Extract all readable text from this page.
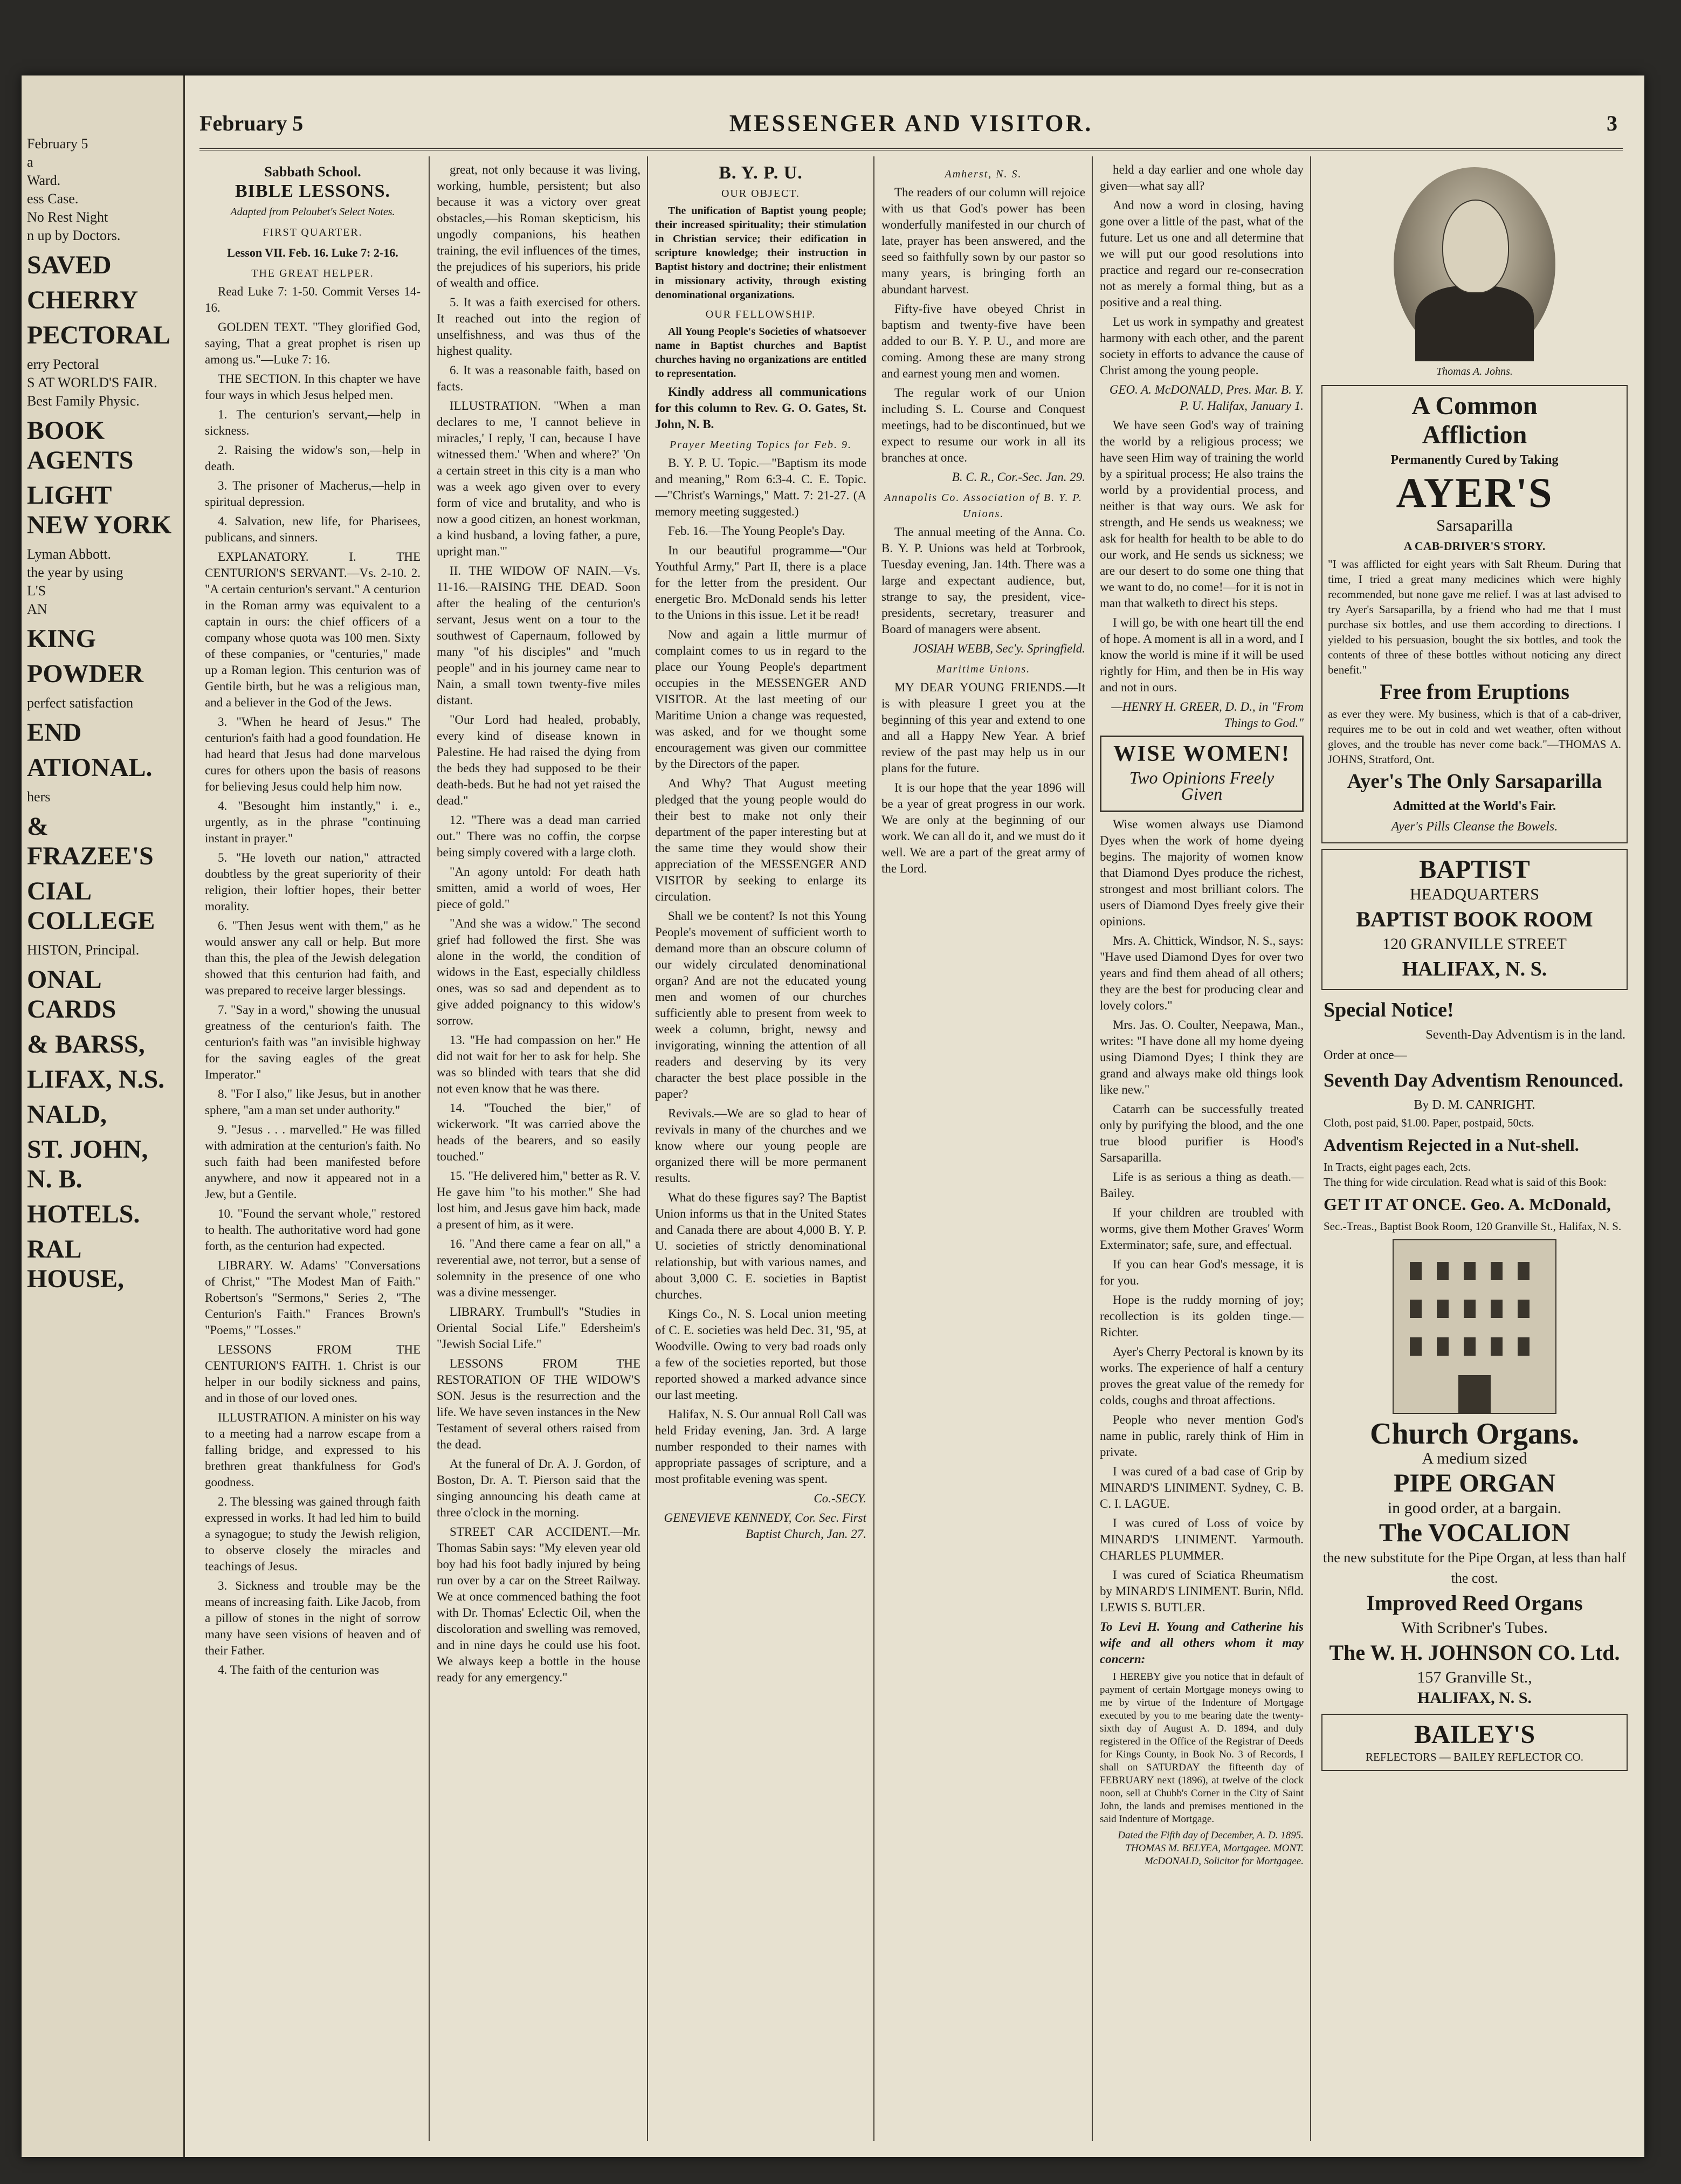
February 5
a
Ward.
ess Case.
No Rest Night
n up by Doctors.
SAVED
CHERRY
PECTORAL
erry Pectoral
S AT WORLD'S FAIR.
Best Family Physic.
BOOK AGENTS
LIGHT NEW YORK
Lyman Abbott.
the year by using
L'S
AN
KING
POWDER
perfect satisfaction
END
ATIONAL.
hers
& FRAZEE'S
CIAL COLLEGE
HISTON, Principal.
ONAL CARDS
& BARSS,
LIFAX, N.S.
NALD,
ST. JOHN, N. B.
HOTELS.
RAL HOUSE,
February 5	MESSENGER AND VISITOR.	3
Sabbath School.
BIBLE LESSONS.
Adapted from Peloubet's Select Notes.
FIRST QUARTER.
Lesson VII. Feb. 16. Luke 7: 2-16.
THE GREAT HELPER.

Read Luke 7: 1-50. Commit Verses 14-16.

GOLDEN TEXT. "They glorified God, saying, That a great prophet is risen up among us."—Luke 7: 16.

THE SECTION. In this chapter we have four ways in which Jesus helped men.

1. The centurion's servant,—help in sickness.

2. Raising the widow's son,—help in death.

3. The prisoner of Macherus,—help in spiritual depression.

4. Salvation, new life, for Pharisees, publicans, and sinners.

EXPLANATORY. I. THE CENTURION'S SERVANT.—Vs. 2-10. 2. "A certain centurion's servant." A centurion in the Roman army was equivalent to a captain in ours: the chief officers of a company whose quota was 100 men. Sixty of these companies, or "centuries," made up a Roman legion. This centurion was of Gentile birth, but he was a religious man, and a believer in the God of the Jews.

3. "When he heard of Jesus." The centurion's faith had a good foundation. He had heard that Jesus had done marvelous cures for others upon the basis of reasons for believing Jesus could help him now.

4. "Besought him instantly," i. e., urgently, as in the phrase "continuing instant in prayer."

5. "He loveth our nation," attracted doubtless by the great superiority of their religion, their loftier hopes, their better morality.

6. "Then Jesus went with them," as he would answer any call or help. But more than this, the plea of the Jewish delegation showed that this centurion had faith, and was prepared to receive larger blessings.

7. "Say in a word," showing the unusual greatness of the centurion's faith. The centurion's faith was "an invisible highway for the saving eagles of the great Imperator."

8. "For I also," like Jesus, but in another sphere, "am a man set under authority."

9. "Jesus . . . marvelled." He was filled with admiration at the centurion's faith. No such faith had been manifested before anywhere, and now it appeared not in a Jew, but a Gentile.

10. "Found the servant whole," restored to health. The authoritative word had gone forth, as the centurion had expected.

LIBRARY. W. Adams' "Conversations of Christ," "The Modest Man of Faith." Robertson's "Sermons," Series 2, "The Centurion's Faith." Frances Brown's "Poems," "Losses."

LESSONS FROM THE CENTURION'S FAITH. 1. Christ is our helper in our bodily sickness and pains, and in those of our loved ones.

ILLUSTRATION. A minister on his way to a meeting had a narrow escape from a falling bridge, and expressed to his brethren great thankfulness for God's goodness.

2. The blessing was gained through faith expressed in works. It had led him to build a synagogue; to study the Jewish religion, to observe closely the miracles and teachings of Jesus.

3. Sickness and trouble may be the means of increasing faith. Like Jacob, from a pillow of stones in the night of sorrow many have seen visions of heaven and of their Father.

4. The faith of the centurion was

great, not only because it was living, working, humble, persistent; but also because it was a victory over great obstacles,—his Roman skepticism, his ungodly companions, his heathen training, the evil influences of the times, the prejudices of his superiors, his pride of wealth and office.

5. It was a faith exercised for others. It reached out into the region of unselfishness, and was thus of the highest quality.

6. It was a reasonable faith, based on facts.

ILLUSTRATION. "When a man declares to me, 'I cannot believe in miracles,' I reply, 'I can, because I have witnessed them.' 'When and where?' 'On a certain street in this city is a man who was a week ago given over to every form of vice and brutality, and who is now a good citizen, an honest workman, a kind husband, a loving father, a pure, upright man.'"

II. THE WIDOW OF NAIN.—Vs. 11-16.—RAISING THE DEAD. Soon after the healing of the centurion's servant, Jesus went on a tour to the southwest of Capernaum, followed by many "of his disciples" and "much people" and in his journey came near to Nain, a small town twenty-five miles distant.

"Our Lord had healed, probably, every kind of disease known in Palestine. He had raised the dying from the beds they had supposed to be their death-beds. But he had not yet raised the dead."

12. "There was a dead man carried out." There was no coffin, the corpse being simply covered with a large cloth.

"An agony untold: For death hath smitten, amid a world of woes, Her piece of gold."

"And she was a widow." The second grief had followed the first. She was alone in the world, the condition of widows in the East, especially childless ones, was so sad and dependent as to give added poignancy to this widow's sorrow.

13. "He had compassion on her." He did not wait for her to ask for help. She was so blinded with tears that she did not even know that he was there.

14. "Touched the bier," of wickerwork. "It was carried above the heads of the bearers, and so easily touched."

15. "He delivered him," better as R. V. He gave him "to his mother." She had lost him, and Jesus gave him back, made a present of him, as it were.

16. "And there came a fear on all," a reverential awe, not terror, but a sense of solemnity in the presence of one who was a divine messenger.

LIBRARY. Trumbull's "Studies in Oriental Social Life." Edersheim's "Jewish Social Life."

LESSONS FROM THE RESTORATION OF THE WIDOW'S SON. Jesus is the resurrection and the life. We have seven instances in the New Testament of several others raised from the dead.

At the funeral of Dr. A. J. Gordon, of Boston, Dr. A. T. Pierson said that the singing announcing his death came at three o'clock in the morning.

STREET CAR ACCIDENT.—Mr. Thomas Sabin says: "My eleven year old boy had his foot badly injured by being run over by a car on the Street Railway. We at once commenced bathing the foot with Dr. Thomas' Eclectic Oil, when the discoloration and swelling was removed, and in nine days he could use his foot. We always keep a bottle in the house ready for any emergency."

B. Y. P. U.
OUR OBJECT.

The unification of Baptist young people; their increased spirituality; their stimulation in Christian service; their edification in scripture knowledge; their instruction in Baptist history and doctrine; their enlistment in missionary activity, through existing denominational organizations.

OUR FELLOWSHIP.

All Young People's Societies of whatsoever name in Baptist churches and Baptist churches having no organizations are entitled to representation.

Kindly address all communications for this column to Rev. G. O. Gates, St. John, N. B.

Prayer Meeting Topics for Feb. 9.

B. Y. P. U. Topic.—"Baptism its mode and meaning," Rom 6:3-4. C. E. Topic.—"Christ's Warnings," Matt. 7: 21-27. (A memory meeting suggested.)

Feb. 16.—The Young People's Day.

In our beautiful programme—"Our Youthful Army," Part II, there is a place for the letter from the president. Our energetic Bro. McDonald sends his letter to the Unions in this issue. Let it be read!

Now and again a little murmur of complaint comes to us in regard to the place our Young People's department occupies in the MESSENGER AND VISITOR. At the last meeting of our Maritime Union a change was requested, was asked, and for we thought some encouragement was given our committee by the Directors of the paper.

And Why? That August meeting pledged that the young people would do their best to make not only their department of the paper interesting but at the same time they would show their appreciation of the MESSENGER AND VISITOR by seeking to enlarge its circulation.

Shall we be content? Is not this Young People's movement of sufficient worth to demand more than an obscure column of our widely circulated denominational organ? And are not the educated young men and women of our churches sufficiently able to present from week to week a column, bright, newsy and invigorating, winning the attention of all readers and deserving by its very character the best place possible in the paper?

Revivals.—We are so glad to hear of revivals in many of the churches and we know where our young people are organized there will be more permanent results.

What do these figures say? The Baptist Union informs us that in the United States and Canada there are about 4,000 B. Y. P. U. societies of strictly denominational relationship, but with various names, and about 3,000 C. E. societies in Baptist churches.

Kings Co., N. S. Local union meeting of C. E. societies was held Dec. 31, '95, at Woodville. Owing to very bad roads only a few of the societies reported, but those reported showed a marked advance since our last meeting.

Halifax, N. S. Our annual Roll Call was held Friday evening, Jan. 3rd. A large number responded to their names with appropriate passages of scripture, and a most profitable evening was spent.

Co.-SECY.

GENEVIEVE KENNEDY, Cor. Sec. First Baptist Church, Jan. 27.

Amherst, N. S.

The readers of our column will rejoice with us that God's power has been wonderfully manifested in our church of late, prayer has been answered, and the seed so faithfully sown by our pastor so many years, is bringing forth an abundant harvest.

Fifty-five have obeyed Christ in baptism and twenty-five have been added to our B. Y. P. U., and more are coming. Among these are many strong and earnest young men and women.

The regular work of our Union including S. L. Course and Conquest meetings, had to be discontinued, but we expect to resume our work in all its branches at once.

B. C. R., Cor.-Sec. Jan. 29.

Annapolis Co. Association of B. Y. P. Unions.

The annual meeting of the Anna. Co. B. Y. P. Unions was held at Torbrook, Tuesday evening, Jan. 14th. There was a large and expectant audience, but, strange to say, the president, vice-presidents, secretary, treasurer and Board of managers were absent.

JOSIAH WEBB, Sec'y. Springfield.

Maritime Unions.

MY DEAR YOUNG FRIENDS.—It is with pleasure I greet you at the beginning of this year and extend to one and all a Happy New Year. A brief review of the past may help us in our plans for the future.

It is our hope that the year 1896 will be a year of great progress in our work. We are only at the beginning of our work. We can all do it, and we must do it well. We are a part of the great army of the Lord.

held a day earlier and one whole day given—what say all?

And now a word in closing, having gone over a little of the past, what of the future. Let us one and all determine that we will put our good resolutions into practice and regard our re-consecration not as merely a formal thing, but as a positive and a real thing.

Let us work in sympathy and greatest harmony with each other, and the parent society in efforts to advance the cause of Christ among the young people.

GEO. A. McDONALD, Pres. Mar. B. Y. P. U. Halifax, January 1.

We have seen God's way of training the world by a religious process; we have seen Him way of training the world by a spiritual process; He also trains the world by a providential process, and neither is that way ours. We ask for strength, and He sends us weakness; we ask for health for health to be able to do our work, and He sends us sickness; we are our desert to do some one thing that we want to do, no come!—for it is not in man that walketh to direct his steps.

I will go, be with one heart till the end of hope. A moment is all in a word, and I know the world is mine if it will be used rightly for Him, and then be in His way and not in ours.

—HENRY H. GREER, D. D., in "From Things to God."

WISE WOMEN!
Two Opinions Freely Given

Wise women always use Diamond Dyes when the work of home dyeing begins. The majority of women know that Diamond Dyes produce the richest, strongest and most brilliant colors. The users of Diamond Dyes freely give their opinions.

Mrs. A. Chittick, Windsor, N. S., says: "Have used Diamond Dyes for over two years and find them ahead of all others; they are the best for producing clear and lovely colors."

Mrs. Jas. O. Coulter, Neepawa, Man., writes: "I have done all my home dyeing using Diamond Dyes; I think they are grand and always make old things look like new."

Catarrh can be successfully treated only by purifying the blood, and the one true blood purifier is Hood's Sarsaparilla.

Life is as serious a thing as death.—Bailey.

If your children are troubled with worms, give them Mother Graves' Worm Exterminator; safe, sure, and effectual.

If you can hear God's message, it is for you.

Hope is the ruddy morning of joy; recollection is its golden tinge.—Richter.

Ayer's Cherry Pectoral is known by its works. The experience of half a century proves the great value of the remedy for colds, coughs and throat affections.

People who never mention God's name in public, rarely think of Him in private.

I was cured of a bad case of Grip by MINARD'S LINIMENT. Sydney, C. B. C. I. LAGUE.

I was cured of Loss of voice by MINARD'S LINIMENT. Yarmouth. CHARLES PLUMMER.

I was cured of Sciatica Rheumatism by MINARD'S LINIMENT. Burin, Nfld. LEWIS S. BUTLER.

To Levi H. Young and Catherine his wife and all others whom it may concern:

I HEREBY give you notice that in default of payment of certain Mortgage moneys owing to me by virtue of the Indenture of Mortgage executed by you to me bearing date the twenty-sixth day of August A. D. 1894, and duly registered in the Office of the Registrar of Deeds for Kings County, in Book No. 3 of Records, I shall on SATURDAY the fifteenth day of FEBRUARY next (1896), at twelve of the clock noon, sell at Chubb's Corner in the City of Saint John, the lands and premises mentioned in the said Indenture of Mortgage.

Dated the Fifth day of December, A. D. 1895. THOMAS M. BELYEA, Mortgagee. MONT. McDONALD, Solicitor for Mortgagee.

Thomas A. Johns.
A Common
Affliction
Permanently Cured by Taking
AYER'S
Sarsaparilla
A CAB-DRIVER'S STORY.
"I was afflicted for eight years with Salt Rheum. During that time, I tried a great many medicines which were highly recommended, but none gave me relief. I was at last advised to try Ayer's Sarsaparilla, by a friend who had me that I must purchase six bottles, and use them according to directions. I yielded to his persuasion, bought the six bottles, and took the contents of three of these bottles without noticing any direct benefit."
Free from Eruptions
as ever they were. My business, which is that of a cab-driver, requires me to be out in cold and wet weather, often without gloves, and the trouble has never come back."—THOMAS A. JOHNS, Stratford, Ont.
Ayer's The Only Sarsaparilla
Admitted at the World's Fair.
Ayer's Pills Cleanse the Bowels.
BAPTIST
HEADQUARTERS
BAPTIST BOOK ROOM
120 GRANVILLE STREET
HALIFAX, N. S.
Special Notice!
Seventh-Day Adventism is in the land.
Order at once—
Seventh Day Adventism Renounced.
By D. M. CANRIGHT.
Cloth, post paid, $1.00. Paper, postpaid, 50cts.
Adventism Rejected in a Nut-shell.
In Tracts, eight pages each, 2cts.
The thing for wide circulation. Read what is said of this Book:
GET IT AT ONCE. Geo. A. McDonald,
Sec.-Treas., Baptist Book Room, 120 Granville St., Halifax, N. S.
Church Organs.
A medium sized
PIPE ORGAN
in good order, at a bargain.
The VOCALION
the new substitute for the Pipe Organ, at less than half the cost.
Improved Reed Organs
With Scribner's Tubes.
The W. H. JOHNSON CO. Ltd.
157 Granville St.,
HALIFAX, N. S.
BAILEY'S
REFLECTORS — BAILEY REFLECTOR CO.
